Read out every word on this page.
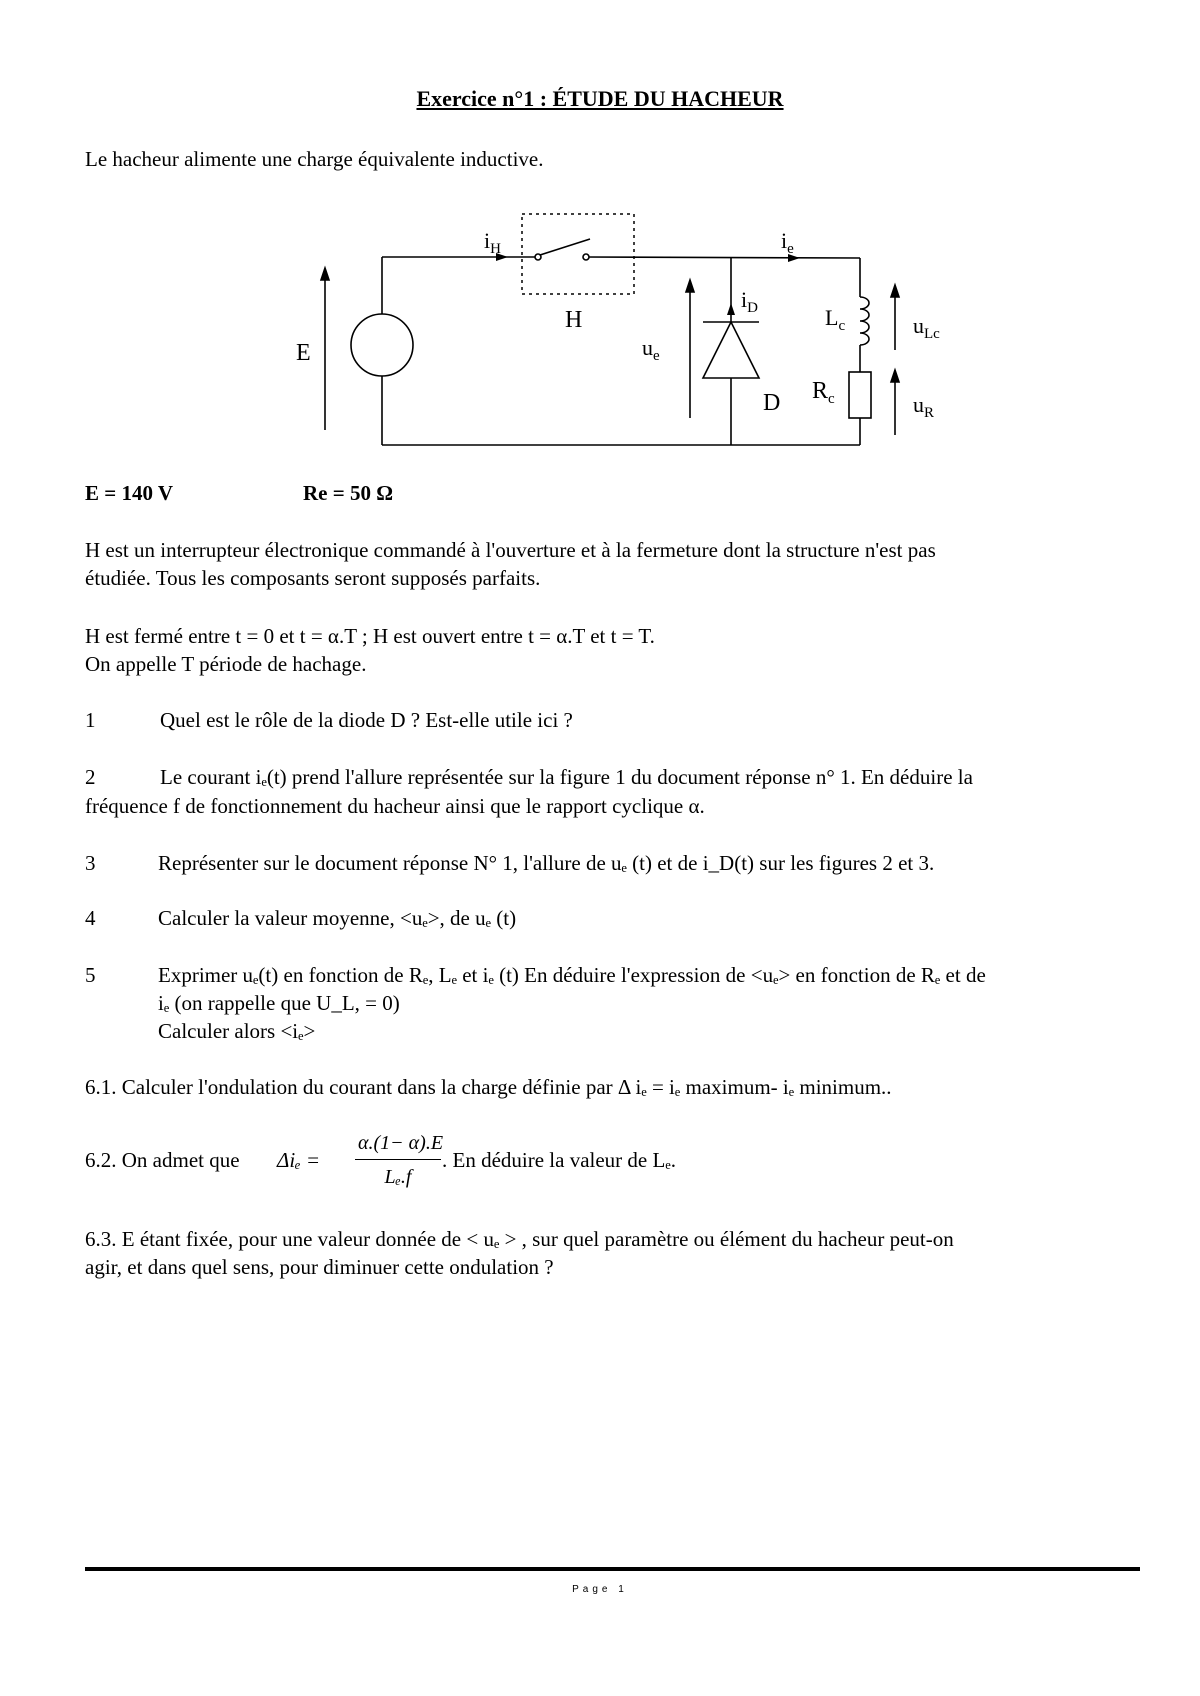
Exercice n°1 : ÉTUDE DU HACHEUR
Le hacheur alimente une charge équivalente inductive.
E
H
$i_H$	$i_e$
$i_D$
$u_e$
D
$L_c$
$R_c$
$u_{Lc}$
$u_R$
E = 140 V	Re = 50 Ω
H est un interrupteur électronique commandé à l'ouverture et à la fermeture dont la structure n'est pas
étudiée. Tous les composants seront supposés parfaits.
H est fermé entre t = 0 et t = α.T ; H est ouvert entre t = α.T et t = T.
On appelle T période de hachage.
1	Quel est le rôle de la diode D ? Est-elle utile ici ?
2	Le courant iₑ(t) prend l'allure représentée sur la figure 1 du document réponse n° 1. En déduire la
fréquence f de fonctionnement du hacheur ainsi que le rapport cyclique α.
3	Représenter sur le document réponse N° 1, l'allure de uₑ (t) et de i_D(t) sur les figures 2 et 3.
4	Calculer la valeur moyenne, <uₑ>, de uₑ (t)
5	Exprimer uₑ(t) en fonction de Rₑ, Lₑ et iₑ (t) En déduire l'expression de <uₑ> en fonction de Rₑ et de
iₑ (on rappelle que U_L, = 0)
Calculer alors <iₑ>
6.1. Calculer l'ondulation du courant dans la charge définie par Δ iₑ = iₑ maximum- iₑ minimum..
6.2. On admet que Δiₑ =
α.(1− α).E
Lₑ.f
. En déduire la valeur de Lₑ.
6.3. E étant fixée, pour une valeur donnée de < uₑ > , sur quel paramètre ou élément du hacheur peut-on
agir, et dans quel sens, pour diminuer cette ondulation ?
Page 1
